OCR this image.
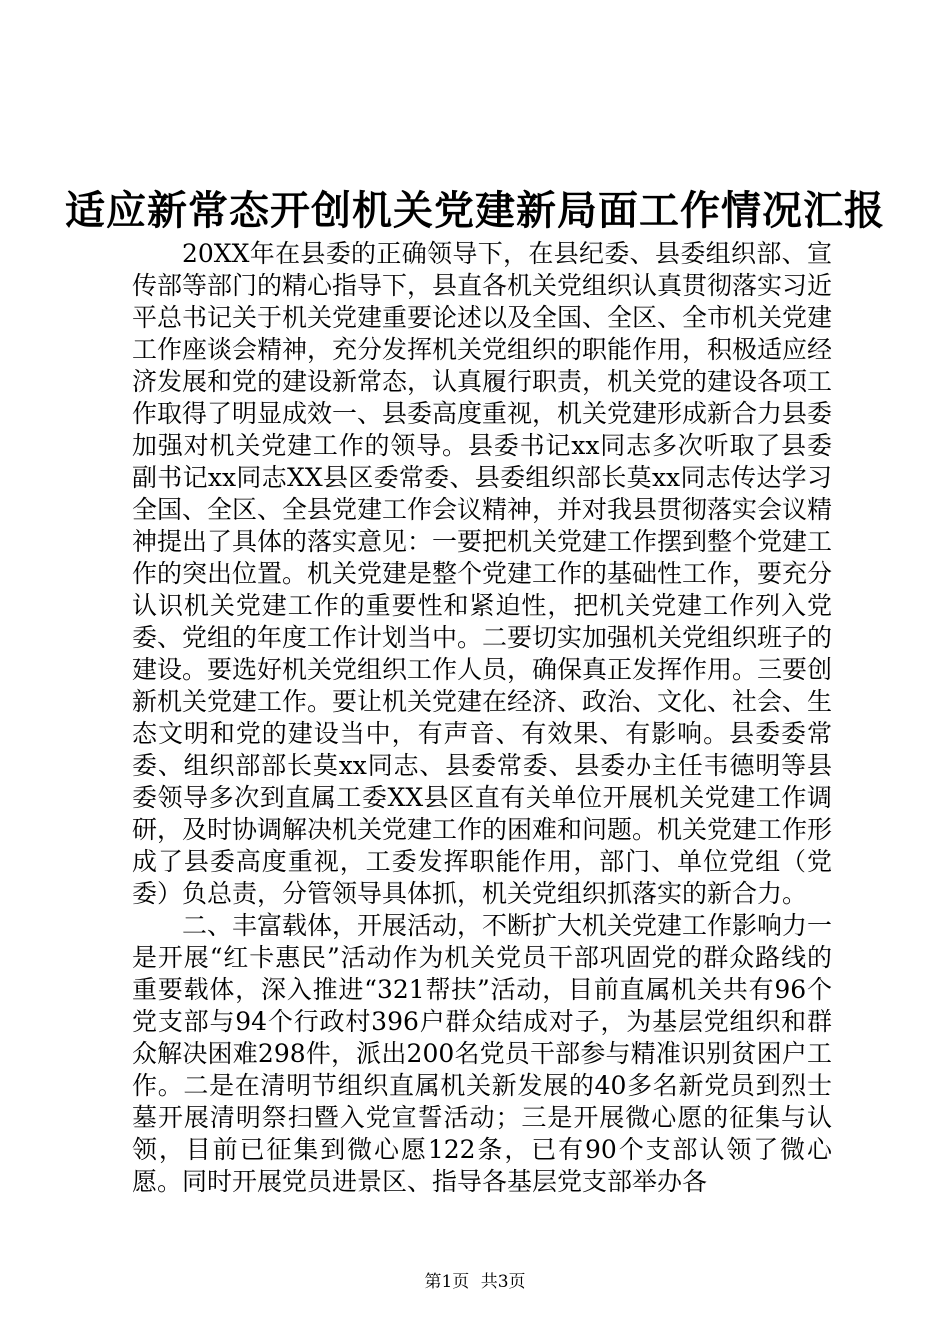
适应新常态开创机关党建新局面工作情况汇报

20XX年在县委的正确领导下，在县纪委、县委组织部、宣传部等部门的精心指导下，县直各机关党组织认真贯彻落实习近平总书记关于机关党建重要论述以及全国、全区、全市机关党建工作座谈会精神，充分发挥机关党组织的职能作用，积极适应经济发展和党的建设新常态，认真履行职责，机关党的建设各项工作取得了明显成效一、县委高度重视，机关党建形成新合力县委加强对机关党建工作的领导。县委书记xx同志多次听取了县委副书记xx同志XX县区委常委、县委组织部长莫xx同志传达学习全国、全区、全县党建工作会议精神，并对我县贯彻落实会议精神提出了具体的落实意见：一要把机关党建工作摆到整个党建工作的突出位置。机关党建是整个党建工作的基础性工作，要充分认识机关党建工作的重要性和紧迫性，把机关党建工作列入党委、党组的年度工作计划当中。二要切实加强机关党组织班子的建设。要选好机关党组织工作人员，确保真正发挥作用。三要创新机关党建工作。要让机关党建在经济、政治、文化、社会、生态文明和党的建设当中，有声音、有效果、有影响。县委委常委、组织部部长莫xx同志、县委常委、县委办主任韦德明等县委领导多次到直属工委XX县区直有关单位开展机关党建工作调研，及时协调解决机关党建工作的困难和问题。机关党建工作形成了县委高度重视，工委发挥职能作用，部门、单位党组（党委）负总责，分管领导具体抓，机关党组织抓落实的新合力。

二、丰富载体，开展活动，不断扩大机关党建工作影响力一是开展“红卡惠民”活动作为机关党员干部巩固党的群众路线的重要载体，深入推进“321帮扶”活动，目前直属机关共有96个党支部与94个行政村396户群众结成对子，为基层党组织和群众解决困难298件，派出200名党员干部参与精准识别贫困户工作。二是在清明节组织直属机关新发展的40多名新党员到烈士墓开展清明祭扫暨入党宣誓活动；三是开展微心愿的征集与认领，目前已征集到微心愿122条，已有90个支部认领了微心愿。同时开展党员进景区、指导各基层党支部举办各

第1页 共3页
